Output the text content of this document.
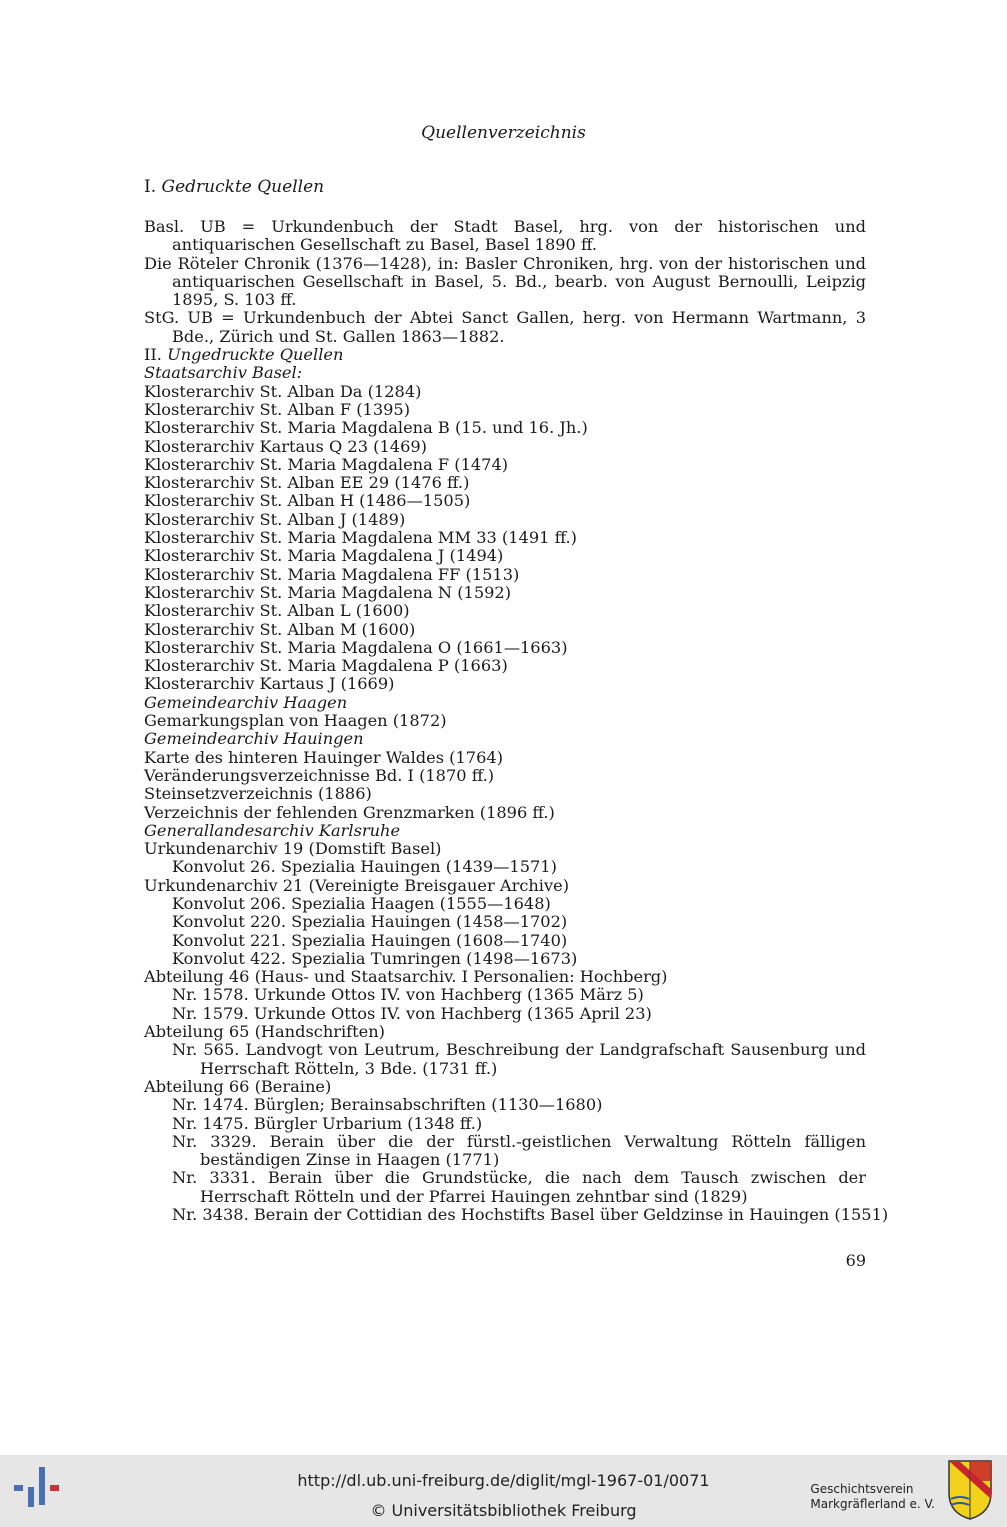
Quellenverzeichnis
I. Gedruckte Quellen
Basl. UB = Urkundenbuch der Stadt Basel, hrg. von der historischen und antiquarischen Gesellschaft zu Basel, Basel 1890 ff.
Die Röteler Chronik (1376—1428), in: Basler Chroniken, hrg. von der historischen und antiquarischen Gesellschaft in Basel, 5. Bd., bearb. von August Bernoulli, Leipzig 1895, S. 103 ff.
StG. UB = Urkundenbuch der Abtei Sanct Gallen, herg. von Hermann Wartmann, 3 Bde., Zürich und St. Gallen 1863—1882.
II. Ungedruckte Quellen
Staatsarchiv Basel:
Klosterarchiv St. Alban Da (1284)
Klosterarchiv St. Alban F (1395)
Klosterarchiv St. Maria Magdalena B (15. und 16. Jh.)
Klosterarchiv Kartaus Q 23 (1469)
Klosterarchiv St. Maria Magdalena F (1474)
Klosterarchiv St. Alban EE 29 (1476 ff.)
Klosterarchiv St. Alban H (1486—1505)
Klosterarchiv St. Alban J (1489)
Klosterarchiv St. Maria Magdalena MM 33 (1491 ff.)
Klosterarchiv St. Maria Magdalena J (1494)
Klosterarchiv St. Maria Magdalena FF (1513)
Klosterarchiv St. Maria Magdalena N (1592)
Klosterarchiv St. Alban L (1600)
Klosterarchiv St. Alban M (1600)
Klosterarchiv St. Maria Magdalena O (1661—1663)
Klosterarchiv St. Maria Magdalena P (1663)
Klosterarchiv Kartaus J (1669)
Gemeindearchiv Haagen
Gemarkungsplan von Haagen (1872)
Gemeindearchiv Hauingen
Karte des hinteren Hauinger Waldes (1764)
Veränderungsverzeichnisse Bd. I (1870 ff.)
Steinsetzverzeichnis (1886)
Verzeichnis der fehlenden Grenzmarken (1896 ff.)
Generallandesarchiv Karlsruhe
Urkundenarchiv 19 (Domstift Basel)
Konvolut 26. Spezialia Hauingen (1439—1571)
Urkundenarchiv 21 (Vereinigte Breisgauer Archive)
Konvolut 206. Spezialia Haagen (1555—1648)
Konvolut 220. Spezialia Hauingen (1458—1702)
Konvolut 221. Spezialia Hauingen (1608—1740)
Konvolut 422. Spezialia Tumringen (1498—1673)
Abteilung 46 (Haus- und Staatsarchiv. I Personalien: Hochberg)
Nr. 1578. Urkunde Ottos IV. von Hachberg (1365 März 5)
Nr. 1579. Urkunde Ottos IV. von Hachberg (1365 April 23)
Abteilung 65 (Handschriften)
Nr. 565. Landvogt von Leutrum, Beschreibung der Landgrafschaft Sausenburg und Herrschaft Rötteln, 3 Bde. (1731 ff.)
Abteilung 66 (Beraine)
Nr. 1474. Bürglen; Berainsabschriften (1130—1680)
Nr. 1475. Bürgler Urbarium (1348 ff.)
Nr. 3329. Berain über die der fürstl.-geistlichen Verwaltung Rötteln fälligen beständigen Zinse in Haagen (1771)
Nr. 3331. Berain über die Grundstücke, die nach dem Tausch zwischen der Herrschaft Rötteln und der Pfarrei Hauingen zehntbar sind (1829)
Nr. 3438. Berain der Cottidian des Hochstifts Basel über Geldzinse in Hauingen (1551)
69
http://dl.ub.uni-freiburg.de/diglit/mgl-1967-01/0071
© Universitätsbibliothek Freiburg
Geschichtsverein
Markgräflerland e. V.
